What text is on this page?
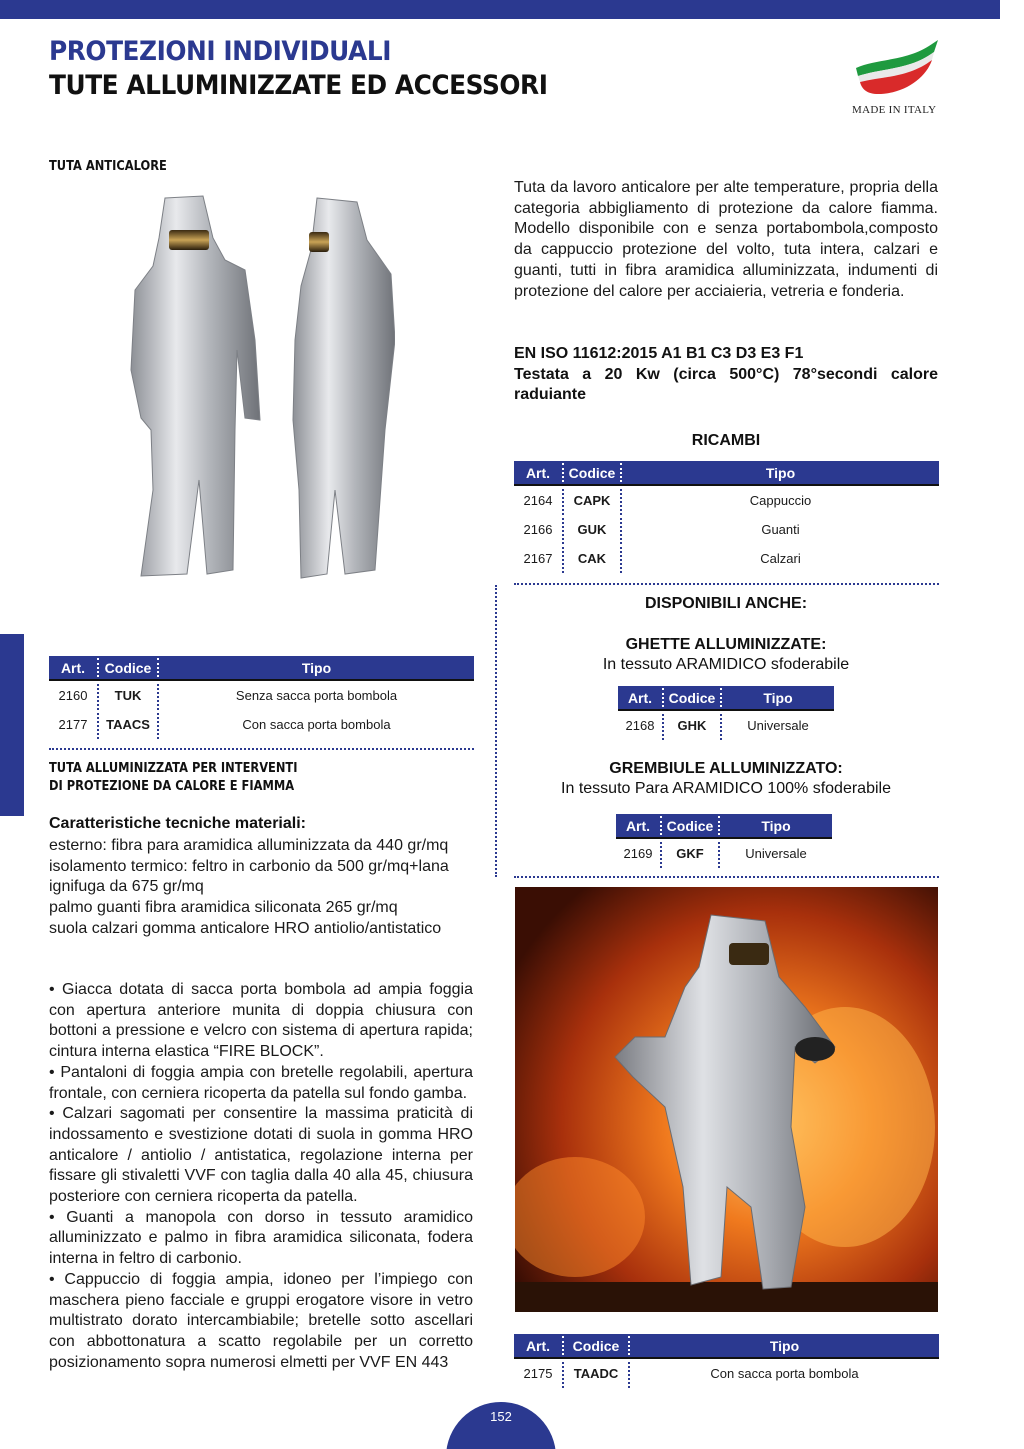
PROTEZIONI INDIVIDUALI
TUTE ALLUMINIZZATE ED ACCESSORI
MADE IN ITALY
TUTA ANTICALORE
Tuta da lavoro anticalore per alte temperature, propria della categoria abbigliamento di protezione da calore fiamma. Modello disponibile con e senza portabombola,composto da cappuccio protezione del volto, tuta intera, calzari e guanti, tutti in fibra aramidica alluminizzata, indumenti di protezione del calore per acciaieria, vetreria e fonderia.
EN ISO 11612:2015 A1 B1 C3 D3 E3 F1
Testata a 20 Kw (circa 500°C) 78°secondi calore raduiante
RICAMBI
Art.	Codice	Tipo
2164	CAPK	Cappuccio
2166	GUK	Guanti
2167	CAK	Calzari
DISPONIBILI ANCHE:
GHETTE ALLUMINIZZATE:
In tessuto ARAMIDICO sfoderabile
Art.	Codice	Tipo
2168	GHK	Universale
GREMBIULE ALLUMINIZZATO:
In tessuto Para ARAMIDICO 100% sfoderabile
Art.	Codice	Tipo
2169	GKF	Universale
Art.	Codice	Tipo
2160	TUK	Senza sacca porta bombola
2177	TAACS	Con sacca porta bombola
TUTA ALLUMINIZZATA PER INTERVENTI
DI PROTEZIONE DA CALORE E FIAMMA
Caratteristiche tecniche materiali:
esterno: fibra para aramidica alluminizzata da 440 gr/mq
isolamento termico: feltro in carbonio da 500 gr/mq+lana ignifuga da 675 gr/mq
palmo guanti fibra aramidica siliconata 265 gr/mq
suola calzari gomma anticalore HRO antiolio/antistatico
• Giacca dotata di sacca porta bombola ad ampia foggia con apertura anteriore munita di doppia chiusura con bottoni a pressione e velcro con sistema di apertura rapida; cintura interna elastica “FIRE BLOCK”.
• Pantaloni di foggia ampia con bretelle regolabili, apertura frontale, con cerniera ricoperta da patella sul fondo gamba.
• Calzari sagomati per consentire la massima praticità di indossamento e svestizione dotati di suola in gomma HRO anticalore / antiolio / antistatica, regolazione interna per fissare gli stivaletti VVF con taglia dalla 40 alla 45, chiusura posteriore con cerniera ricoperta da patella.
• Guanti a manopola con dorso in tessuto aramidico alluminizzato e palmo in fibra aramidica siliconata, fodera interna in feltro di carbonio.
• Cappuccio di foggia ampia, idoneo per l’impiego con maschera pieno facciale e gruppi erogatore visore in vetro multistrato dorato intercambiabile; bretelle sotto ascellari con abbottonatura a scatto regolabile per un corretto posizionamento sopra numerosi elmetti per VVF EN 443
Art.	Codice	Tipo
2175	TAADC	Con sacca porta bombola
152
